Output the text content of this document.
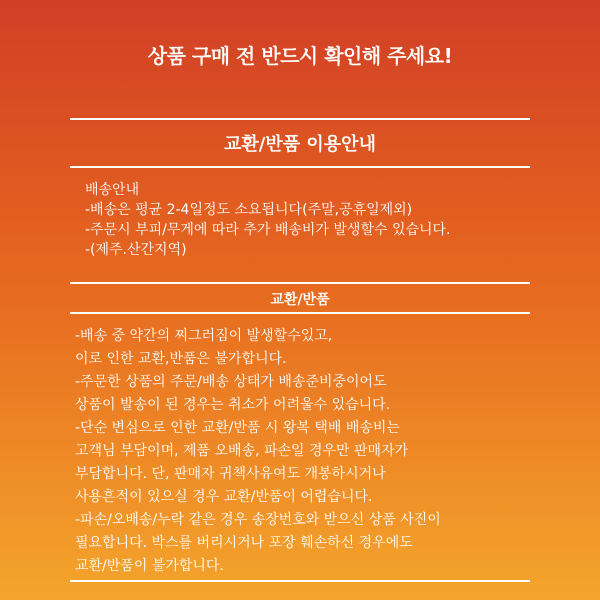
상품 구매 전 반드시 확인해 주세요!
교환/반품 이용안내
배송안내
-배송은 평균 2-4일정도 소요됩니다(주말,공휴일제외)
-주문시 부피/무게에 따라 추가 배송비가 발생할수 있습니다.
-(제주.산간지역)
교환/반품
-배송 중 약간의 찌그러짐이 발생할수있고,
이로 인한 교환,반품은 불가합니다.
-주문한 상품의 주문/배송 상태가 배송준비중이어도
상품이 발송이 된 경우는 취소가 어려울수 있습니다.
-단순 변심으로 인한 교환/반품 시 왕복 택배 배송비는
고객님 부담이며, 제품 오배송, 파손일 경우만 판매자가
부담합니다. 단, 판매자 귀책사유여도 개봉하시거나
사용흔적이 있으실 경우 교환/반품이 어렵습니다.
-파손/오배송/누락 같은 경우 송장번호와 받으신 상품 사진이
필요합니다. 박스를 버리시거나 포장 훼손하신 경우에도
교환/반품이 불가합니다.
